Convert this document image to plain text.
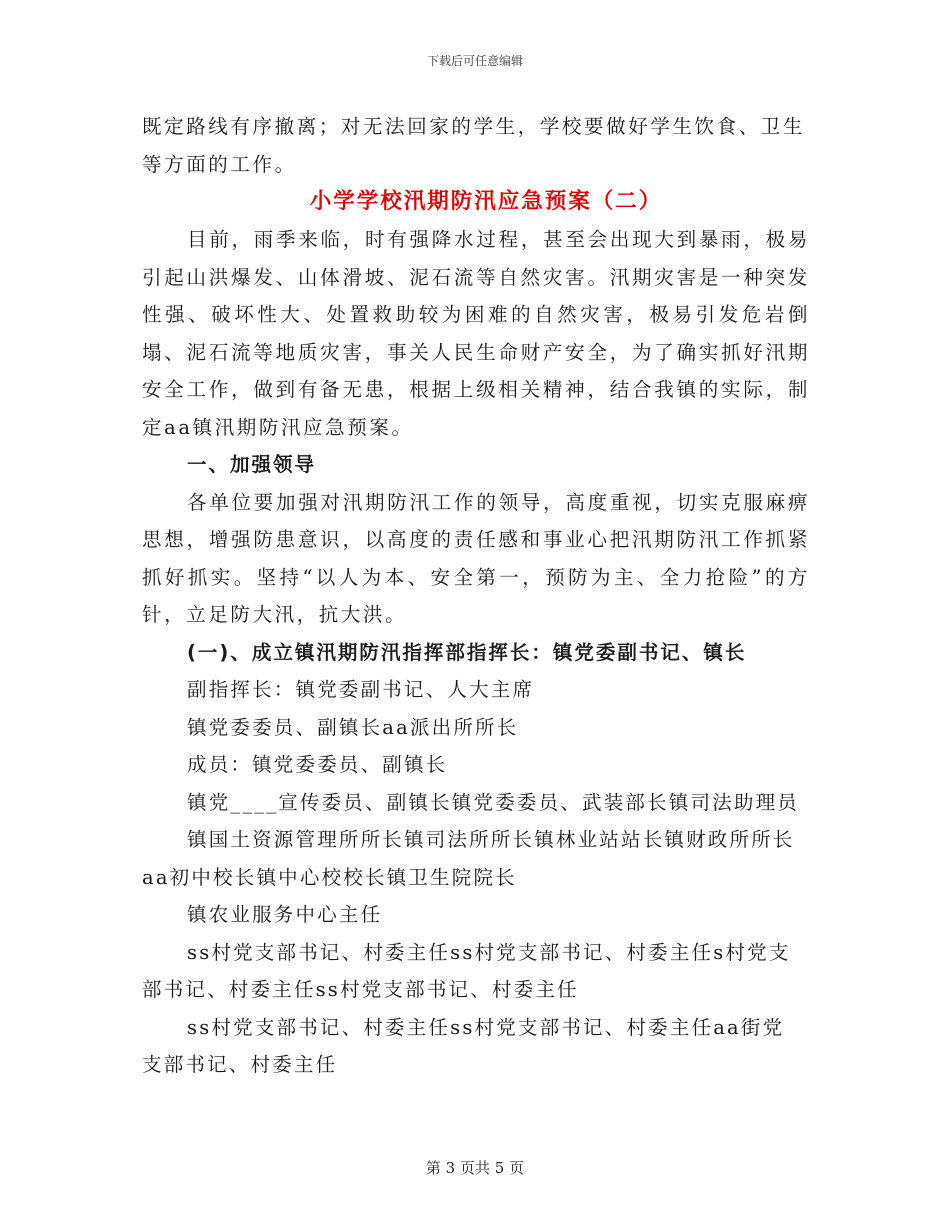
下载后可任意编辑

既定路线有序撤离；对无法回家的学生，学校要做好学生饮食、卫生

等方面的工作。

小学学校汛期防汛应急预案（二）

目前，雨季来临，时有强降水过程，甚至会出现大到暴雨，极易引起山洪爆发、山体滑坡、泥石流等自然灾害。汛期灾害是一种突发性强、破坏性大、处置救助较为困难的自然灾害，极易引发危岩倒塌、泥石流等地质灾害，事关人民生命财产安全，为了确实抓好汛期安全工作，做到有备无患，根据上级相关精神，结合我镇的实际，制定aa镇汛期防汛应急预案。

一、加强领导

各单位要加强对汛期防汛工作的领导，高度重视，切实克服麻痹思想，增强防患意识，以高度的责任感和事业心把汛期防汛工作抓紧抓好抓实。坚持“以人为本、安全第一，预防为主、全力抢险”的方针，立足防大汛，抗大洪。

(一)、成立镇汛期防汛指挥部指挥长：镇党委副书记、镇长

副指挥长：镇党委副书记、人大主席

镇党委委员、副镇长aa派出所所长

成员：镇党委委员、副镇长

镇党____宣传委员、副镇长镇党委委员、武装部长镇司法助理员

镇国土资源管理所所长镇司法所所长镇林业站站长镇财政所所长

aa初中校长镇中心校校长镇卫生院院长

镇农业服务中心主任

ss村党支部书记、村委主任ss村党支部书记、村委主任s村党支

部书记、村委主任ss村党支部书记、村委主任

ss村党支部书记、村委主任ss村党支部书记、村委主任aa街党

支部书记、村委主任

第 3 页共 5 页
